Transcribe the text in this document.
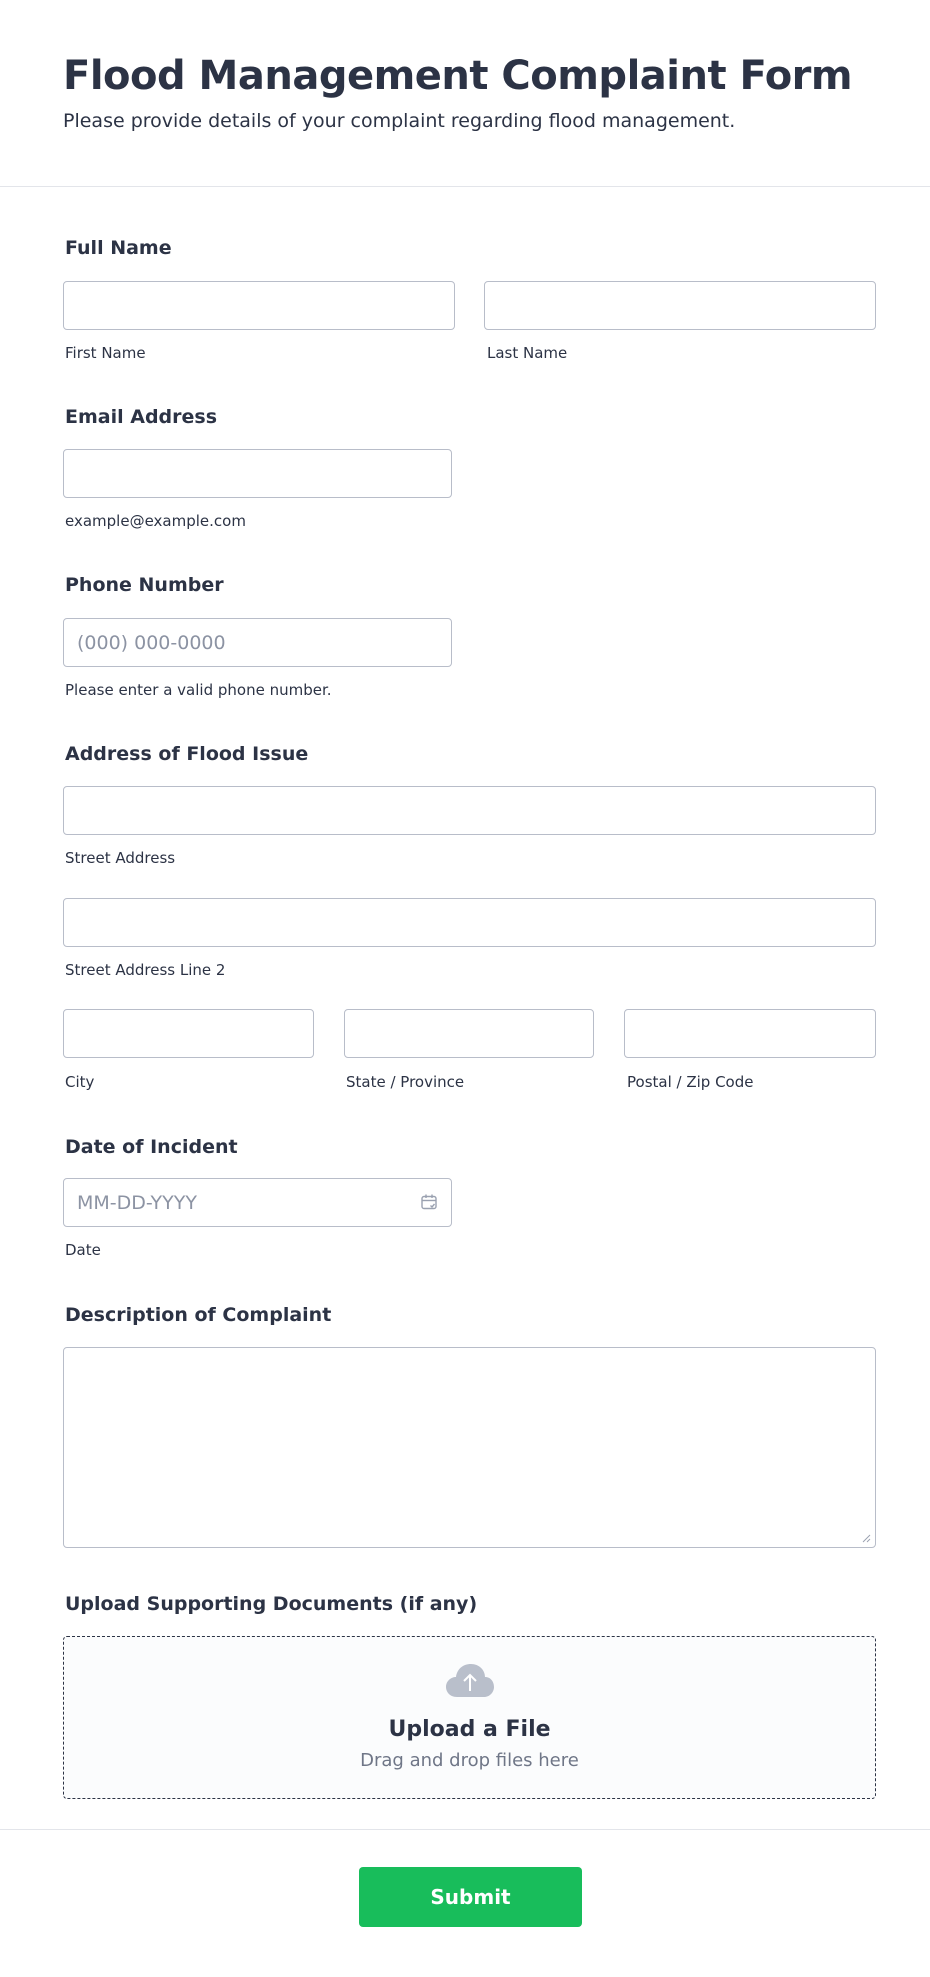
Flood Management Complaint Form
Please provide details of your complaint regarding flood management.
Full Name
First Name	Last Name
Email Address
example@example.com
Phone Number
(000) 000-0000
Please enter a valid phone number.
Address of Flood Issue
Street Address
Street Address Line 2
City	State / Province	Postal / Zip Code
Date of Incident
MM-DD-YYYY
Date
Description of Complaint
Upload Supporting Documents (if any)
Upload a File
Drag and drop files here
Submit
